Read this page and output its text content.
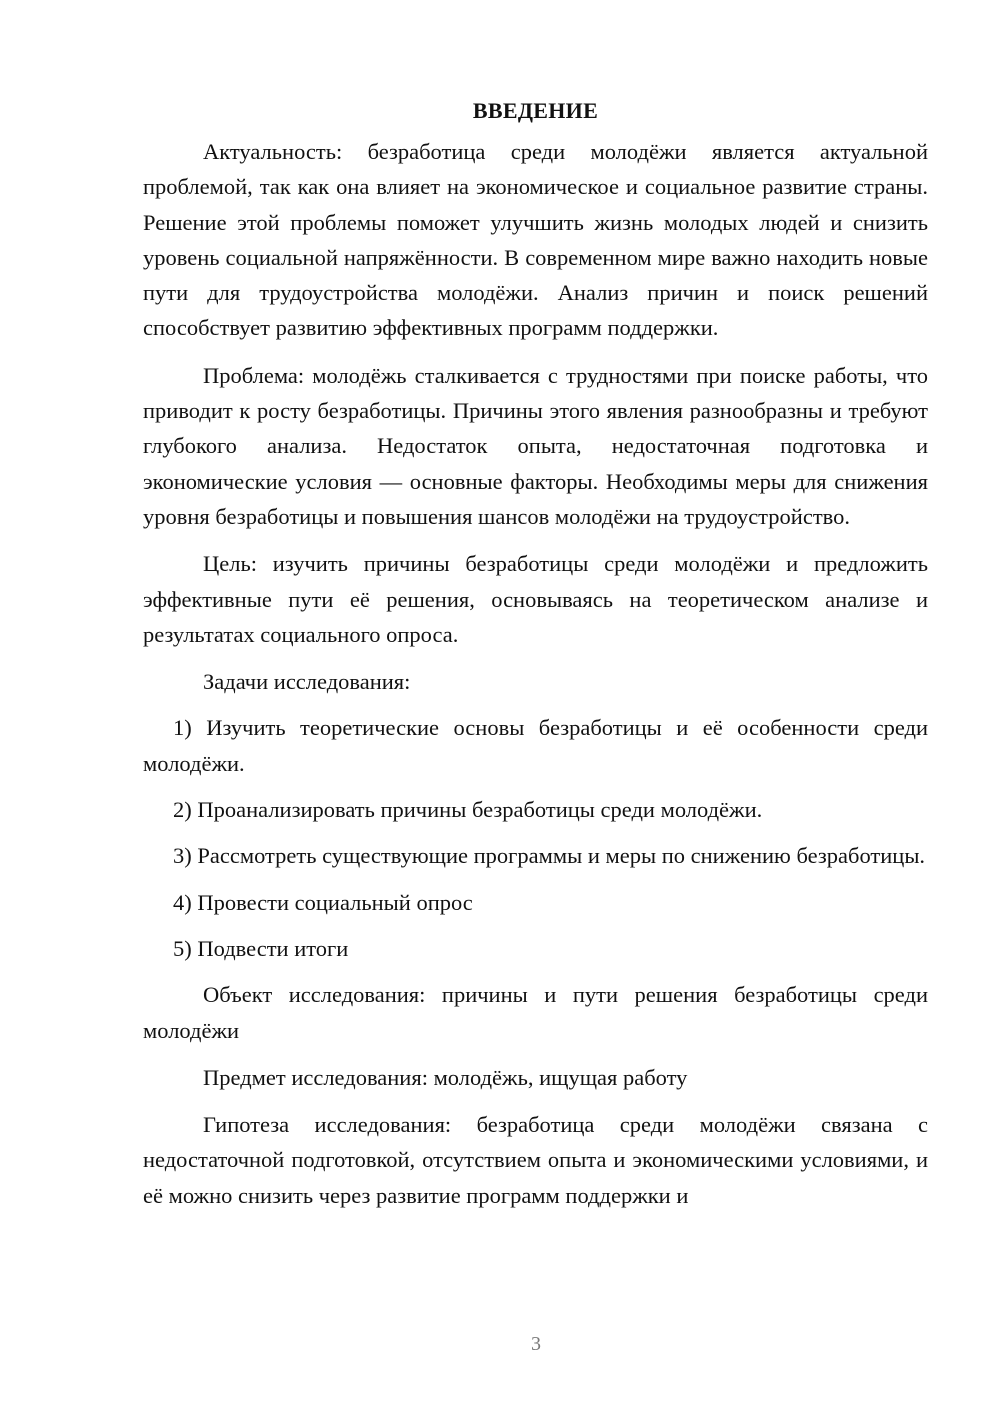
ВВЕДЕНИЕ

Актуальность: безработица среди молодёжи является актуальной проблемой, так как она влияет на экономическое и социальное развитие страны. Решение этой проблемы поможет улучшить жизнь молодых людей и снизить уровень социальной напряжённости. В современном мире важно находить новые пути для трудоустройства молодёжи. Анализ причин и поиск решений способствует развитию эффективных программ поддержки.

Проблема: молодёжь сталкивается с трудностями при поиске работы, что приводит к росту безработицы. Причины этого явления разнообразны и требуют глубокого анализа. Недостаток опыта, недостаточная подготовка и экономические условия — основные факторы. Необходимы меры для снижения уровня безработицы и повышения шансов молодёжи на трудоустройство.

Цель: изучить причины безработицы среди молодёжи и предложить эффективные пути её решения, основываясь на теоретическом анализе и результатах социального опроса.

Задачи исследования:

1) Изучить теоретические основы безработицы и её особенности среди молодёжи.

2) Проанализировать причины безработицы среди молодёжи.

3) Рассмотреть существующие программы и меры по снижению безработицы.

4) Провести социальный опрос

5) Подвести итоги

Объект исследования: причины и пути решения безработицы среди молодёжи

Предмет исследования: молодёжь, ищущая работу

Гипотеза исследования: безработица среди молодёжи связана с недостаточной подготовкой, отсутствием опыта и экономическими условиями, и её можно снизить через развитие программ поддержки и

3
